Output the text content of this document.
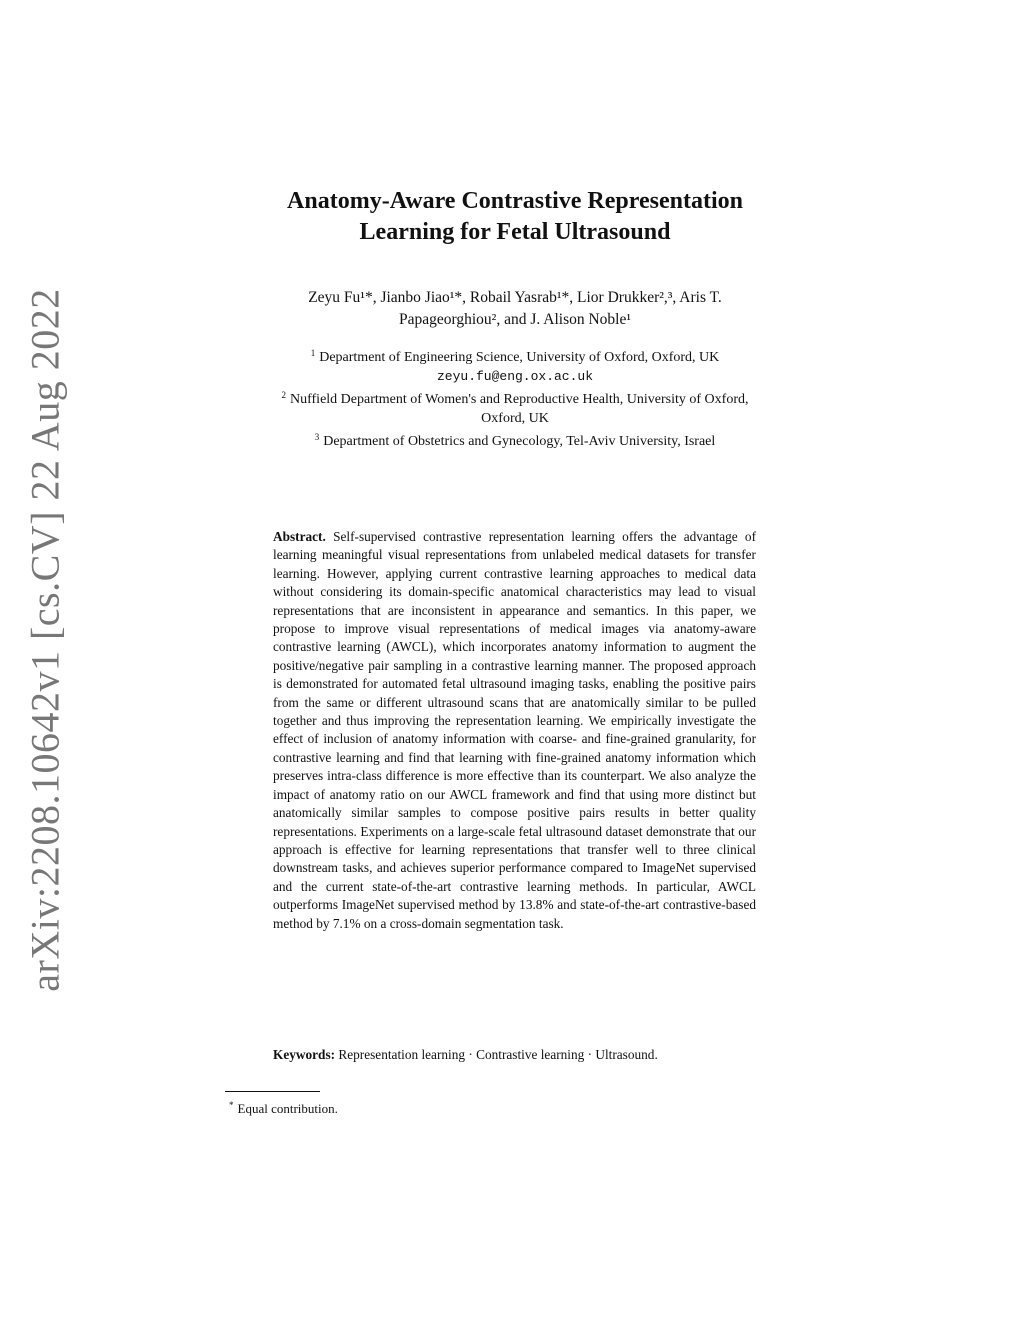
arXiv:2208.10642v1 [cs.CV] 22 Aug 2022
Anatomy-Aware Contrastive Representation
Learning for Fetal Ultrasound
Zeyu Fu¹*, Jianbo Jiao¹*, Robail Yasrab¹*, Lior Drukker²,³, Aris T.
Papageorghiou², and J. Alison Noble¹
$^1$ Department of Engineering Science, University of Oxford, Oxford, UK
zeyu.fu@eng.ox.ac.uk
$^2$ Nuffield Department of Women's and Reproductive Health, University of Oxford,
Oxford, UK
$^3$ Department of Obstetrics and Gynecology, Tel-Aviv University, Israel
Abstract. Self-supervised contrastive representation learning offers the advantage of learning meaningful visual representations from unlabeled medical datasets for transfer learning. However, applying current contrastive learning approaches to medical data without considering its domain-specific anatomical characteristics may lead to visual representations that are inconsistent in appearance and semantics. In this paper, we propose to improve visual representations of medical images via anatomy-aware contrastive learning (AWCL), which incorporates anatomy information to augment the positive/negative pair sampling in a contrastive learning manner. The proposed approach is demonstrated for automated fetal ultrasound imaging tasks, enabling the positive pairs from the same or different ultrasound scans that are anatomically similar to be pulled together and thus improving the representation learning. We empirically investigate the effect of inclusion of anatomy information with coarse- and fine-grained granularity, for contrastive learning and find that learning with fine-grained anatomy information which preserves intra-class difference is more effective than its counterpart. We also analyze the impact of anatomy ratio on our AWCL framework and find that using more distinct but anatomically similar samples to compose positive pairs results in better quality representations. Experiments on a large-scale fetal ultrasound dataset demonstrate that our approach is effective for learning representations that transfer well to three clinical downstream tasks, and achieves superior performance compared to ImageNet supervised and the current state-of-the-art contrastive learning methods. In particular, AWCL outperforms ImageNet supervised method by 13.8% and state-of-the-art contrastive-based method by 7.1% on a cross-domain segmentation task.
Keywords: Representation learning · Contrastive learning · Ultrasound.
* Equal contribution.
